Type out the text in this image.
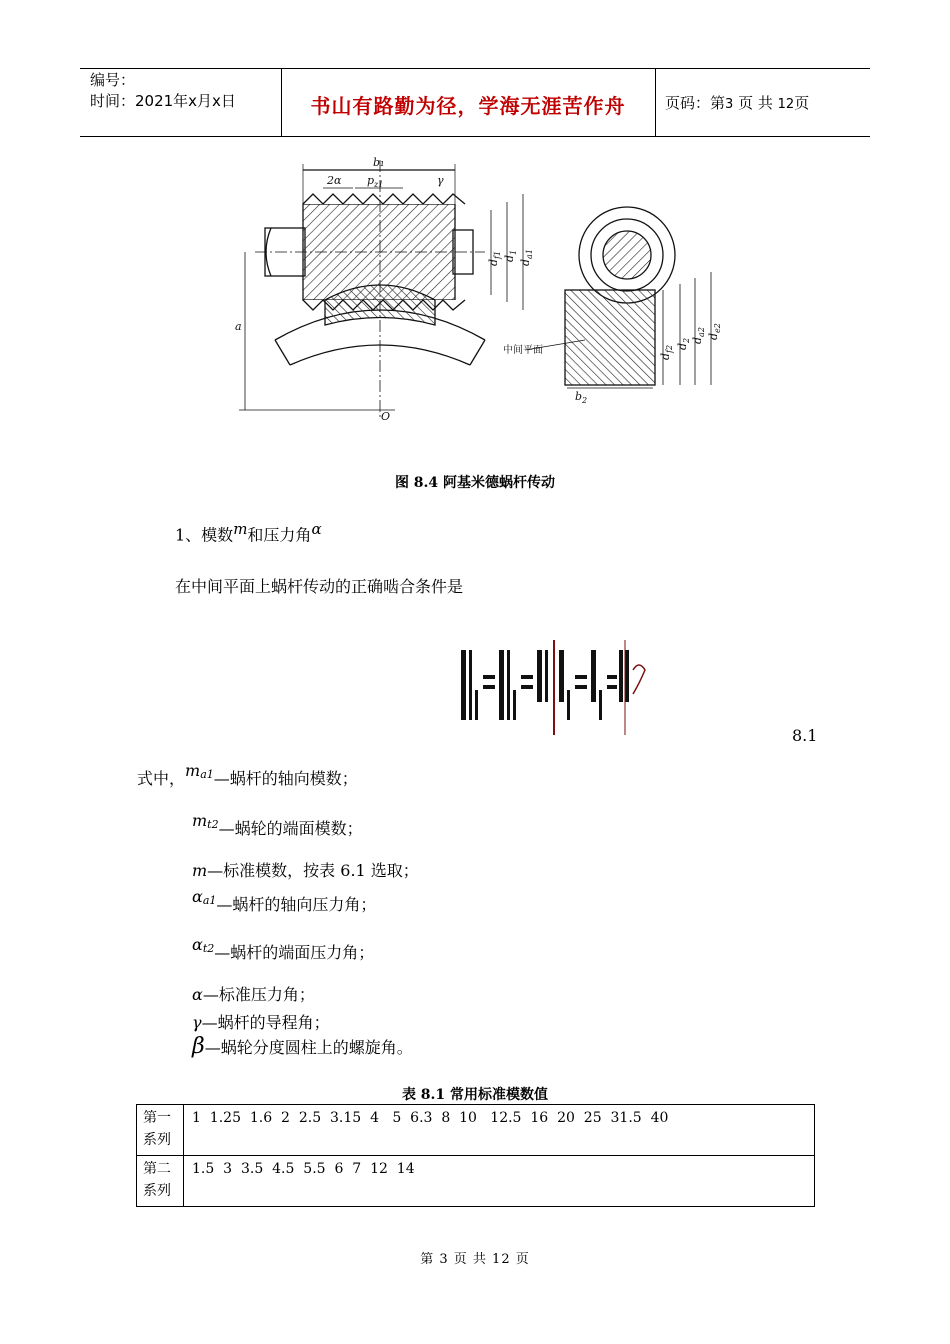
编号：
时间：2021年x月x日	书山有路勤为径，学海无涯苦作舟	页码：第3 页 共 12页
b₁
2α $p_{z1}$	γ
a
O
$b_2$
$d_{f1}$ $d_1$
$d_{a1}$
$d_{f2}$ $d_2$ $d_{a2}$ $d_{e2}$
中间平面
图 8.4 阿基米德蜗杆传动
1、模数$^m$和压力角$^\alpha$
在中间平面上蜗杆传动的正确啮合条件是
8.1
式中，$m^{a1}—$蜗杆的轴向模数；
$m^{t2}—$蜗轮的端面模数；
m—标准模数，按表 6.1 选取；
$\alpha^{a1}—$蜗杆的轴向压力角；
$\alpha^{t2}—$蜗杆的端面压力角；
α—标准压力角；
γ—蜗杆的导程角；
β—蜗轮分度圆柱上的螺旋角。
表 8.1 常用标准模数值
第一
系列	1  1.25  1.6  2  2.5  3.15  4   5  6.3  8  10   12.5  16  20  25  31.5  40
第二
系列	1.5  3  3.5  4.5  5.5  6  7  12  14
第 3 页 共 12 页
